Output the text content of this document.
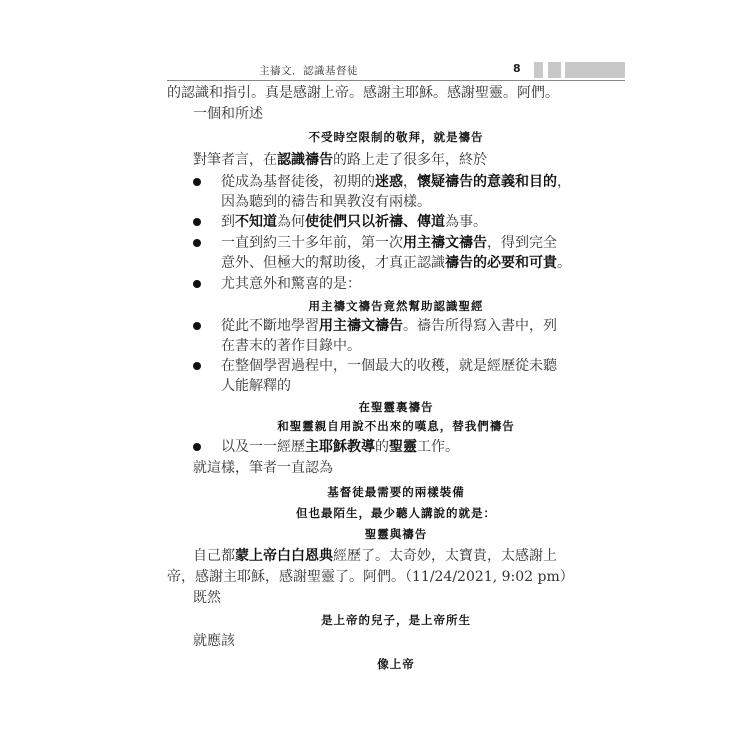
主禱文．認識基督徒	8
的認識和指引。真是感謝上帝。感謝主耶穌。感謝聖靈。阿們。
一個和所述
不受時空限制的敬拜，就是禱告
對筆者言，在認識禱告的路上走了很多年，終於
從成為基督徒後，初期的迷惑，懷疑禱告的意義和目的，
因為聽到的禱告和異教沒有兩樣。
到不知道為何使徒們只以祈禱、傳道為事。
一直到約三十多年前，第一次用主禱文禱告，得到完全
意外、但極大的幫助後，才真正認識禱告的必要和可貴。
尤其意外和驚喜的是：
用主禱文禱告竟然幫助認識聖經
從此不斷地學習用主禱文禱告。禱告所得寫入書中，列
在書末的著作目錄中。
在整個學習過程中，一個最大的收穫，就是經歷從未聽
人能解釋的
在聖靈裏禱告
和聖靈親自用說不出來的嘆息，替我們禱告
以及一一經歷主耶穌教導的聖靈工作。
就這樣，筆者一直認為
基督徒最需要的兩樣裝備
但也最陌生，最少聽人講說的就是：
聖靈與禱告
自己都蒙上帝白白恩典經歷了。太奇妙，太寶貴，太感謝上
帝，感謝主耶穌，感謝聖靈了。阿們。（11/24/2021, 9:02 pm）
既然
是上帝的兒子，是上帝所生
就應該
像上帝
